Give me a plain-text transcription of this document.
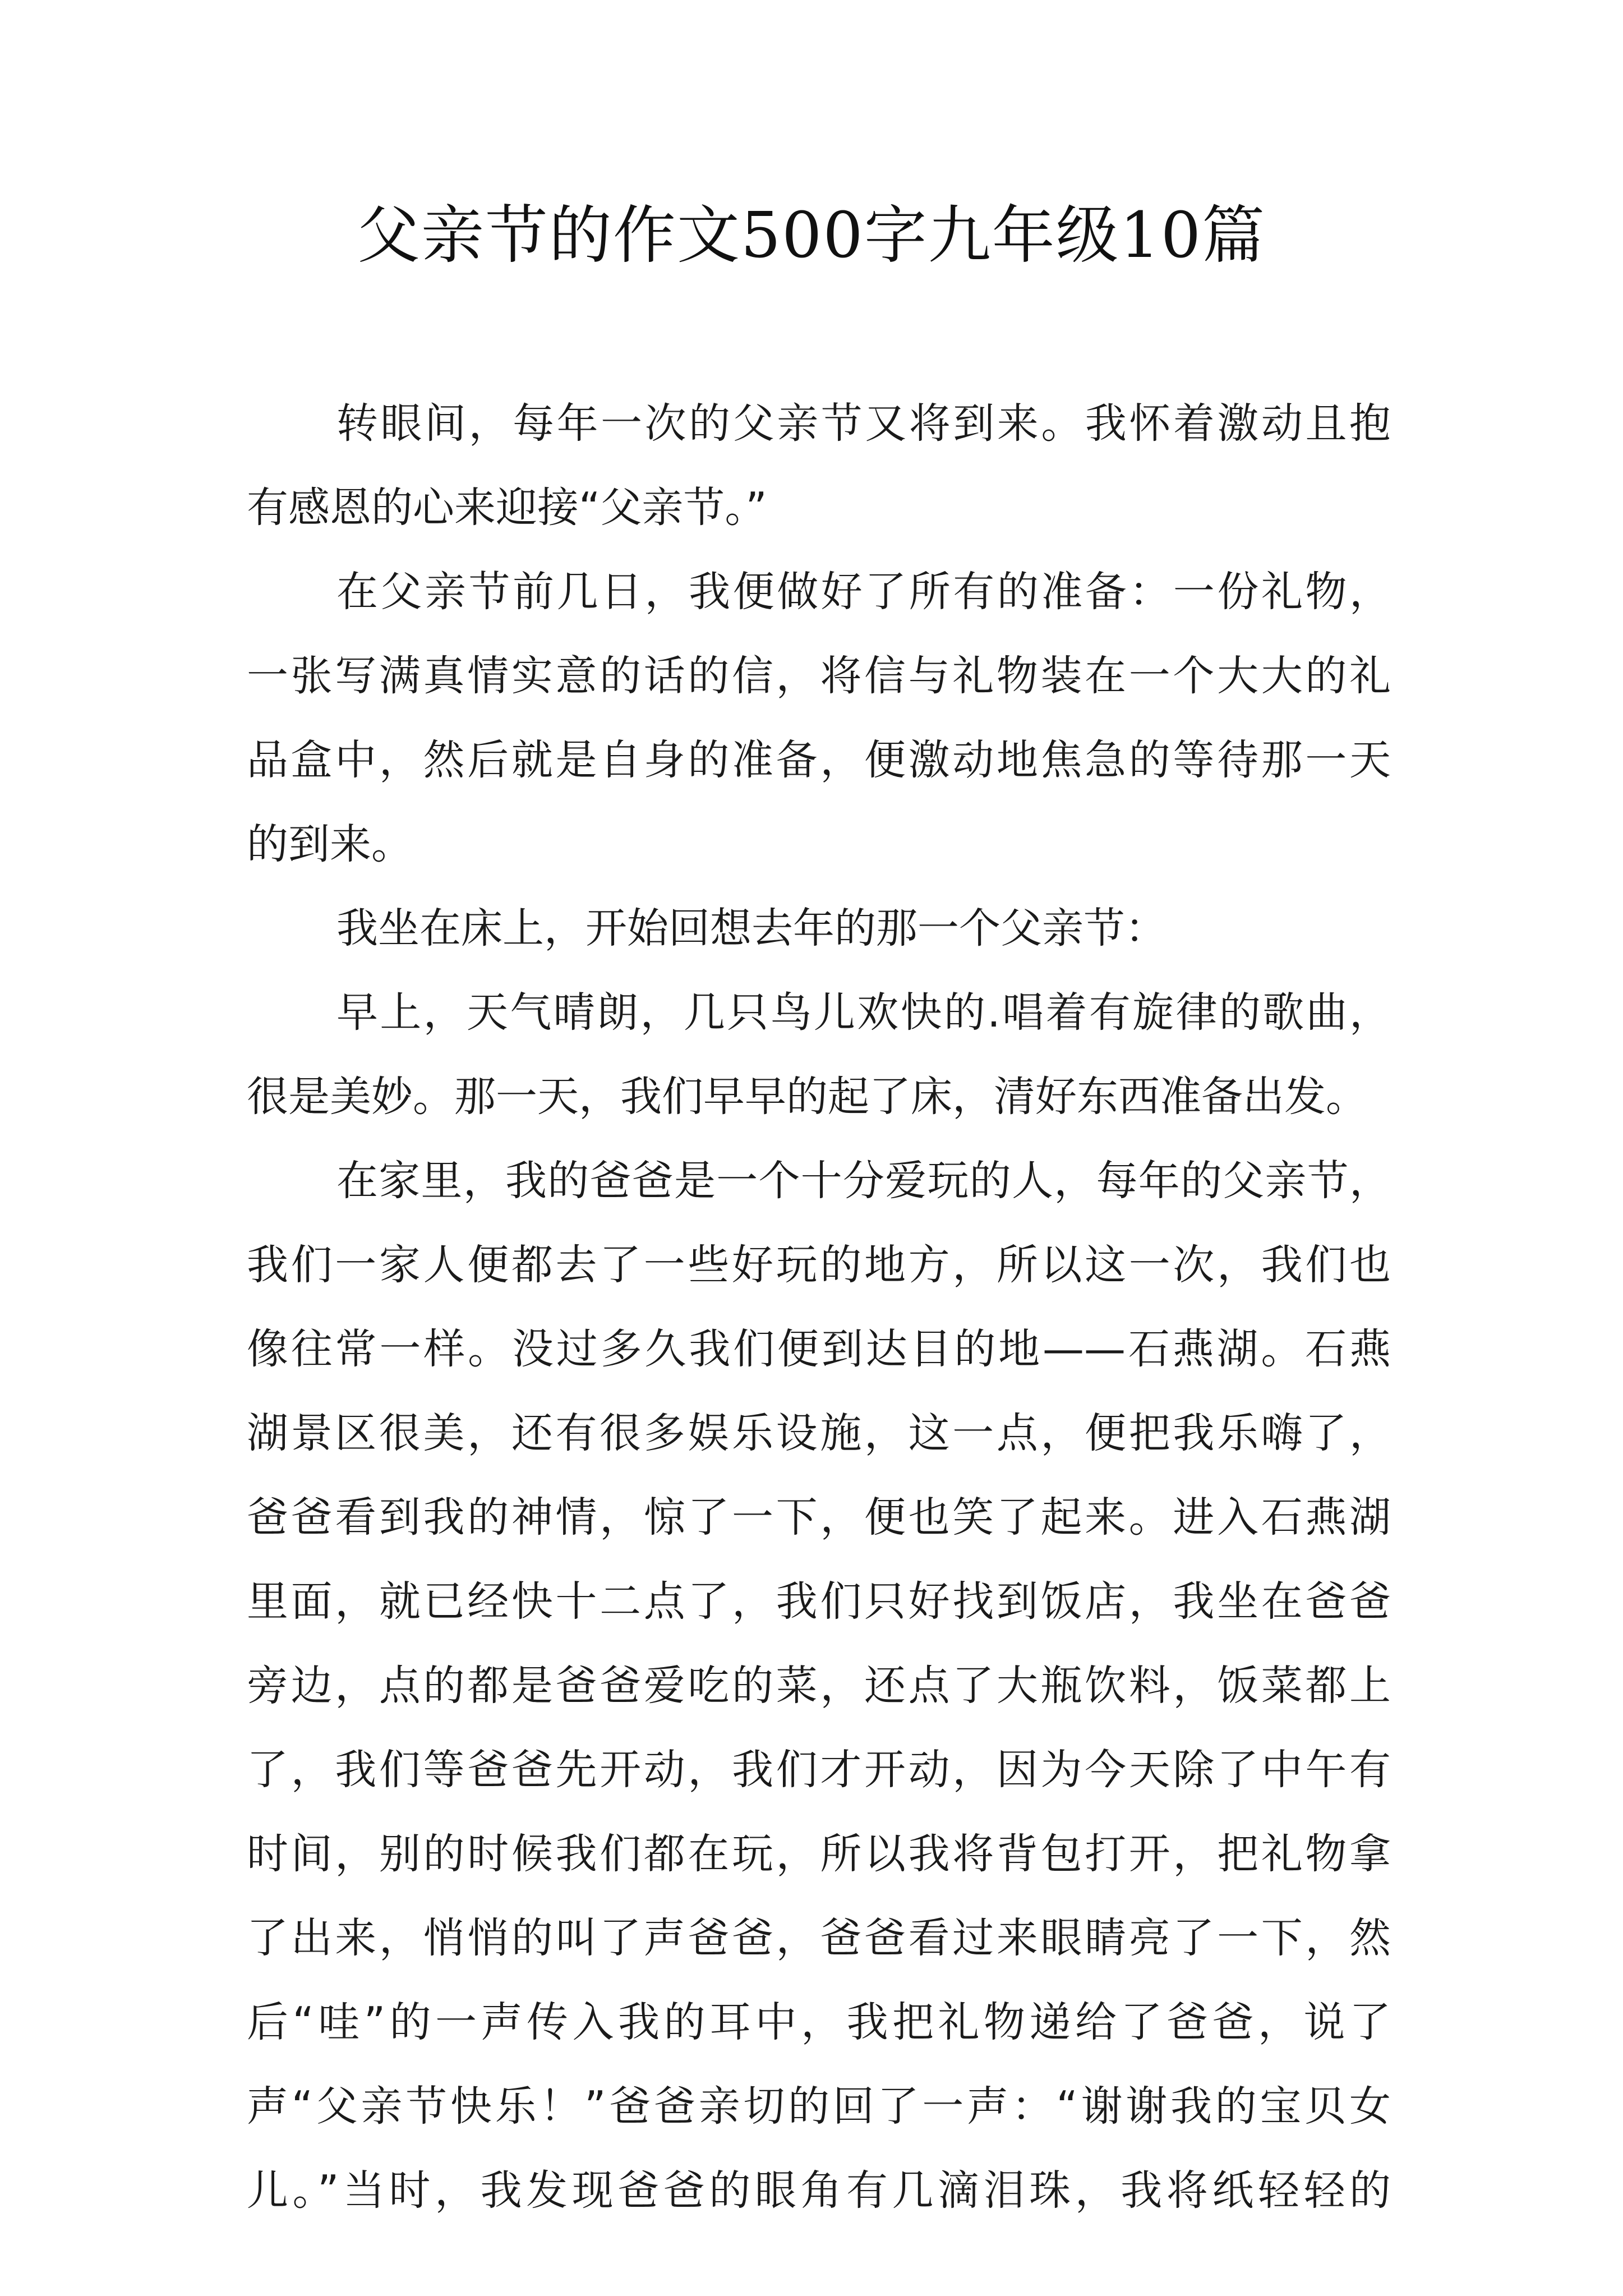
父亲节的作文500字九年级10篇
转眼间，每年一次的父亲节又将到来。我怀着激动且抱
有感恩的心来迎接“父亲节。”
在父亲节前几日，我便做好了所有的准备：一份礼物，
一张写满真情实意的话的信，将信与礼物装在一个大大的礼
品盒中，然后就是自身的准备，便激动地焦急的等待那一天
的到来。
我坐在床上，开始回想去年的那一个父亲节：
早上，天气晴朗，几只鸟儿欢快的.唱着有旋律的歌曲，
很是美妙。那一天，我们早早的起了床，清好东西准备出发。
在家里，我的爸爸是一个十分爱玩的人，每年的父亲节，
我们一家人便都去了一些好玩的地方，所以这一次，我们也
像往常一样。没过多久我们便到达目的地——石燕湖。石燕
湖景区很美，还有很多娱乐设施，这一点，便把我乐嗨了，
爸爸看到我的神情，惊了一下，便也笑了起来。进入石燕湖
里面，就已经快十二点了，我们只好找到饭店，我坐在爸爸
旁边，点的都是爸爸爱吃的菜，还点了大瓶饮料，饭菜都上
了，我们等爸爸先开动，我们才开动，因为今天除了中午有
时间，别的时候我们都在玩，所以我将背包打开，把礼物拿
了出来，悄悄的叫了声爸爸，爸爸看过来眼睛亮了一下，然
后“哇”的一声传入我的耳中，我把礼物递给了爸爸，说了
声“父亲节快乐！”爸爸亲切的回了一声：“谢谢我的宝贝女
儿。”当时，我发现爸爸的眼角有几滴泪珠，我将纸轻轻的
